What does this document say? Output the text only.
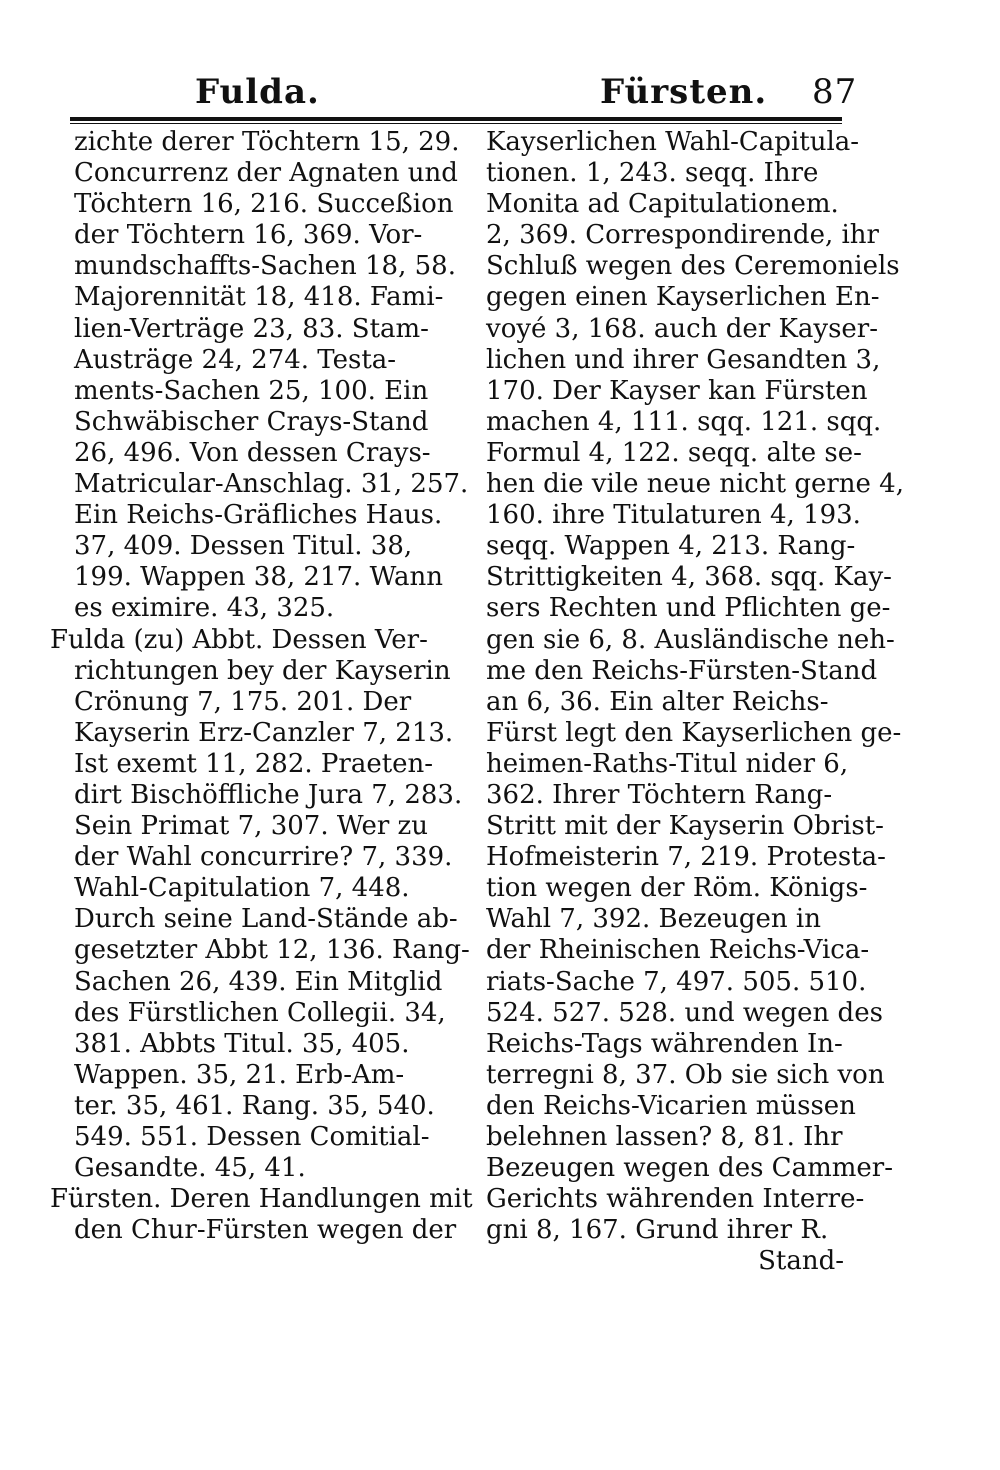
Fulda.	Fürsten. 87
zichte derer Töchtern 15, 29.
Concurrenz der Agnaten und
Töchtern 16, 216. Succeßion
der Töchtern 16, 369. Vor-
mundschaffts-Sachen 18, 58.
Majorennität 18, 418. Fami-
lien-Verträge 23, 83. Stam-
Austräge 24, 274. Testa-
ments-Sachen 25, 100. Ein
Schwäbischer Crays-Stand
26, 496. Von dessen Crays-
Matricular-Anschlag. 31, 257.
Ein Reichs-Gräfliches Haus.
37, 409. Dessen Titul. 38,
199. Wappen 38, 217. Wann
es eximire. 43, 325.
Fulda (zu) Abbt. Dessen Ver-
richtungen bey der Kayserin
Crönung 7, 175. 201. Der
Kayserin Erz-Canzler 7, 213.
Ist exemt 11, 282. Praeten-
dirt Bischöffliche Jura 7, 283.
Sein Primat 7, 307. Wer zu
der Wahl concurrire? 7, 339.
Wahl-Capitulation 7, 448.
Durch seine Land-Stände ab-
gesetzter Abbt 12, 136. Rang-
Sachen 26, 439. Ein Mitglid
des Fürstlichen Collegii. 34,
381. Abbts Titul. 35, 405.
Wappen. 35, 21. Erb-Am-
ter. 35, 461. Rang. 35, 540.
549. 551. Dessen Comitial-
Gesandte. 45, 41.
Fürsten. Deren Handlungen mit
den Chur-Fürsten wegen der
Kayserlichen Wahl-Capitula-
tionen. 1, 243. seqq. Ihre
Monita ad Capitulationem.
2, 369. Correspondirende, ihr
Schluß wegen des Ceremoniels
gegen einen Kayserlichen En-
voyé 3, 168. auch der Kayser-
lichen und ihrer Gesandten 3,
170. Der Kayser kan Fürsten
machen 4, 111. sqq. 121. sqq.
Formul 4, 122. seqq. alte se-
hen die vile neue nicht gerne 4,
160. ihre Titulaturen 4, 193.
seqq. Wappen 4, 213. Rang-
Strittigkeiten 4, 368. sqq. Kay-
sers Rechten und Pflichten ge-
gen sie 6, 8. Ausländische neh-
me den Reichs-Fürsten-Stand
an 6, 36. Ein alter Reichs-
Fürst legt den Kayserlichen ge-
heimen-Raths-Titul nider 6,
362. Ihrer Töchtern Rang-
Stritt mit der Kayserin Obrist-
Hofmeisterin 7, 219. Protesta-
tion wegen der Röm. Königs-
Wahl 7, 392. Bezeugen in
der Rheinischen Reichs-Vica-
riats-Sache 7, 497. 505. 510.
524. 527. 528. und wegen des
Reichs-Tags währenden In-
terregni 8, 37. Ob sie sich von
den Reichs-Vicarien müssen
belehnen lassen? 8, 81. Ihr
Bezeugen wegen des Cammer-
Gerichts währenden Interre-
gni 8, 167. Grund ihrer R.
Stand-
